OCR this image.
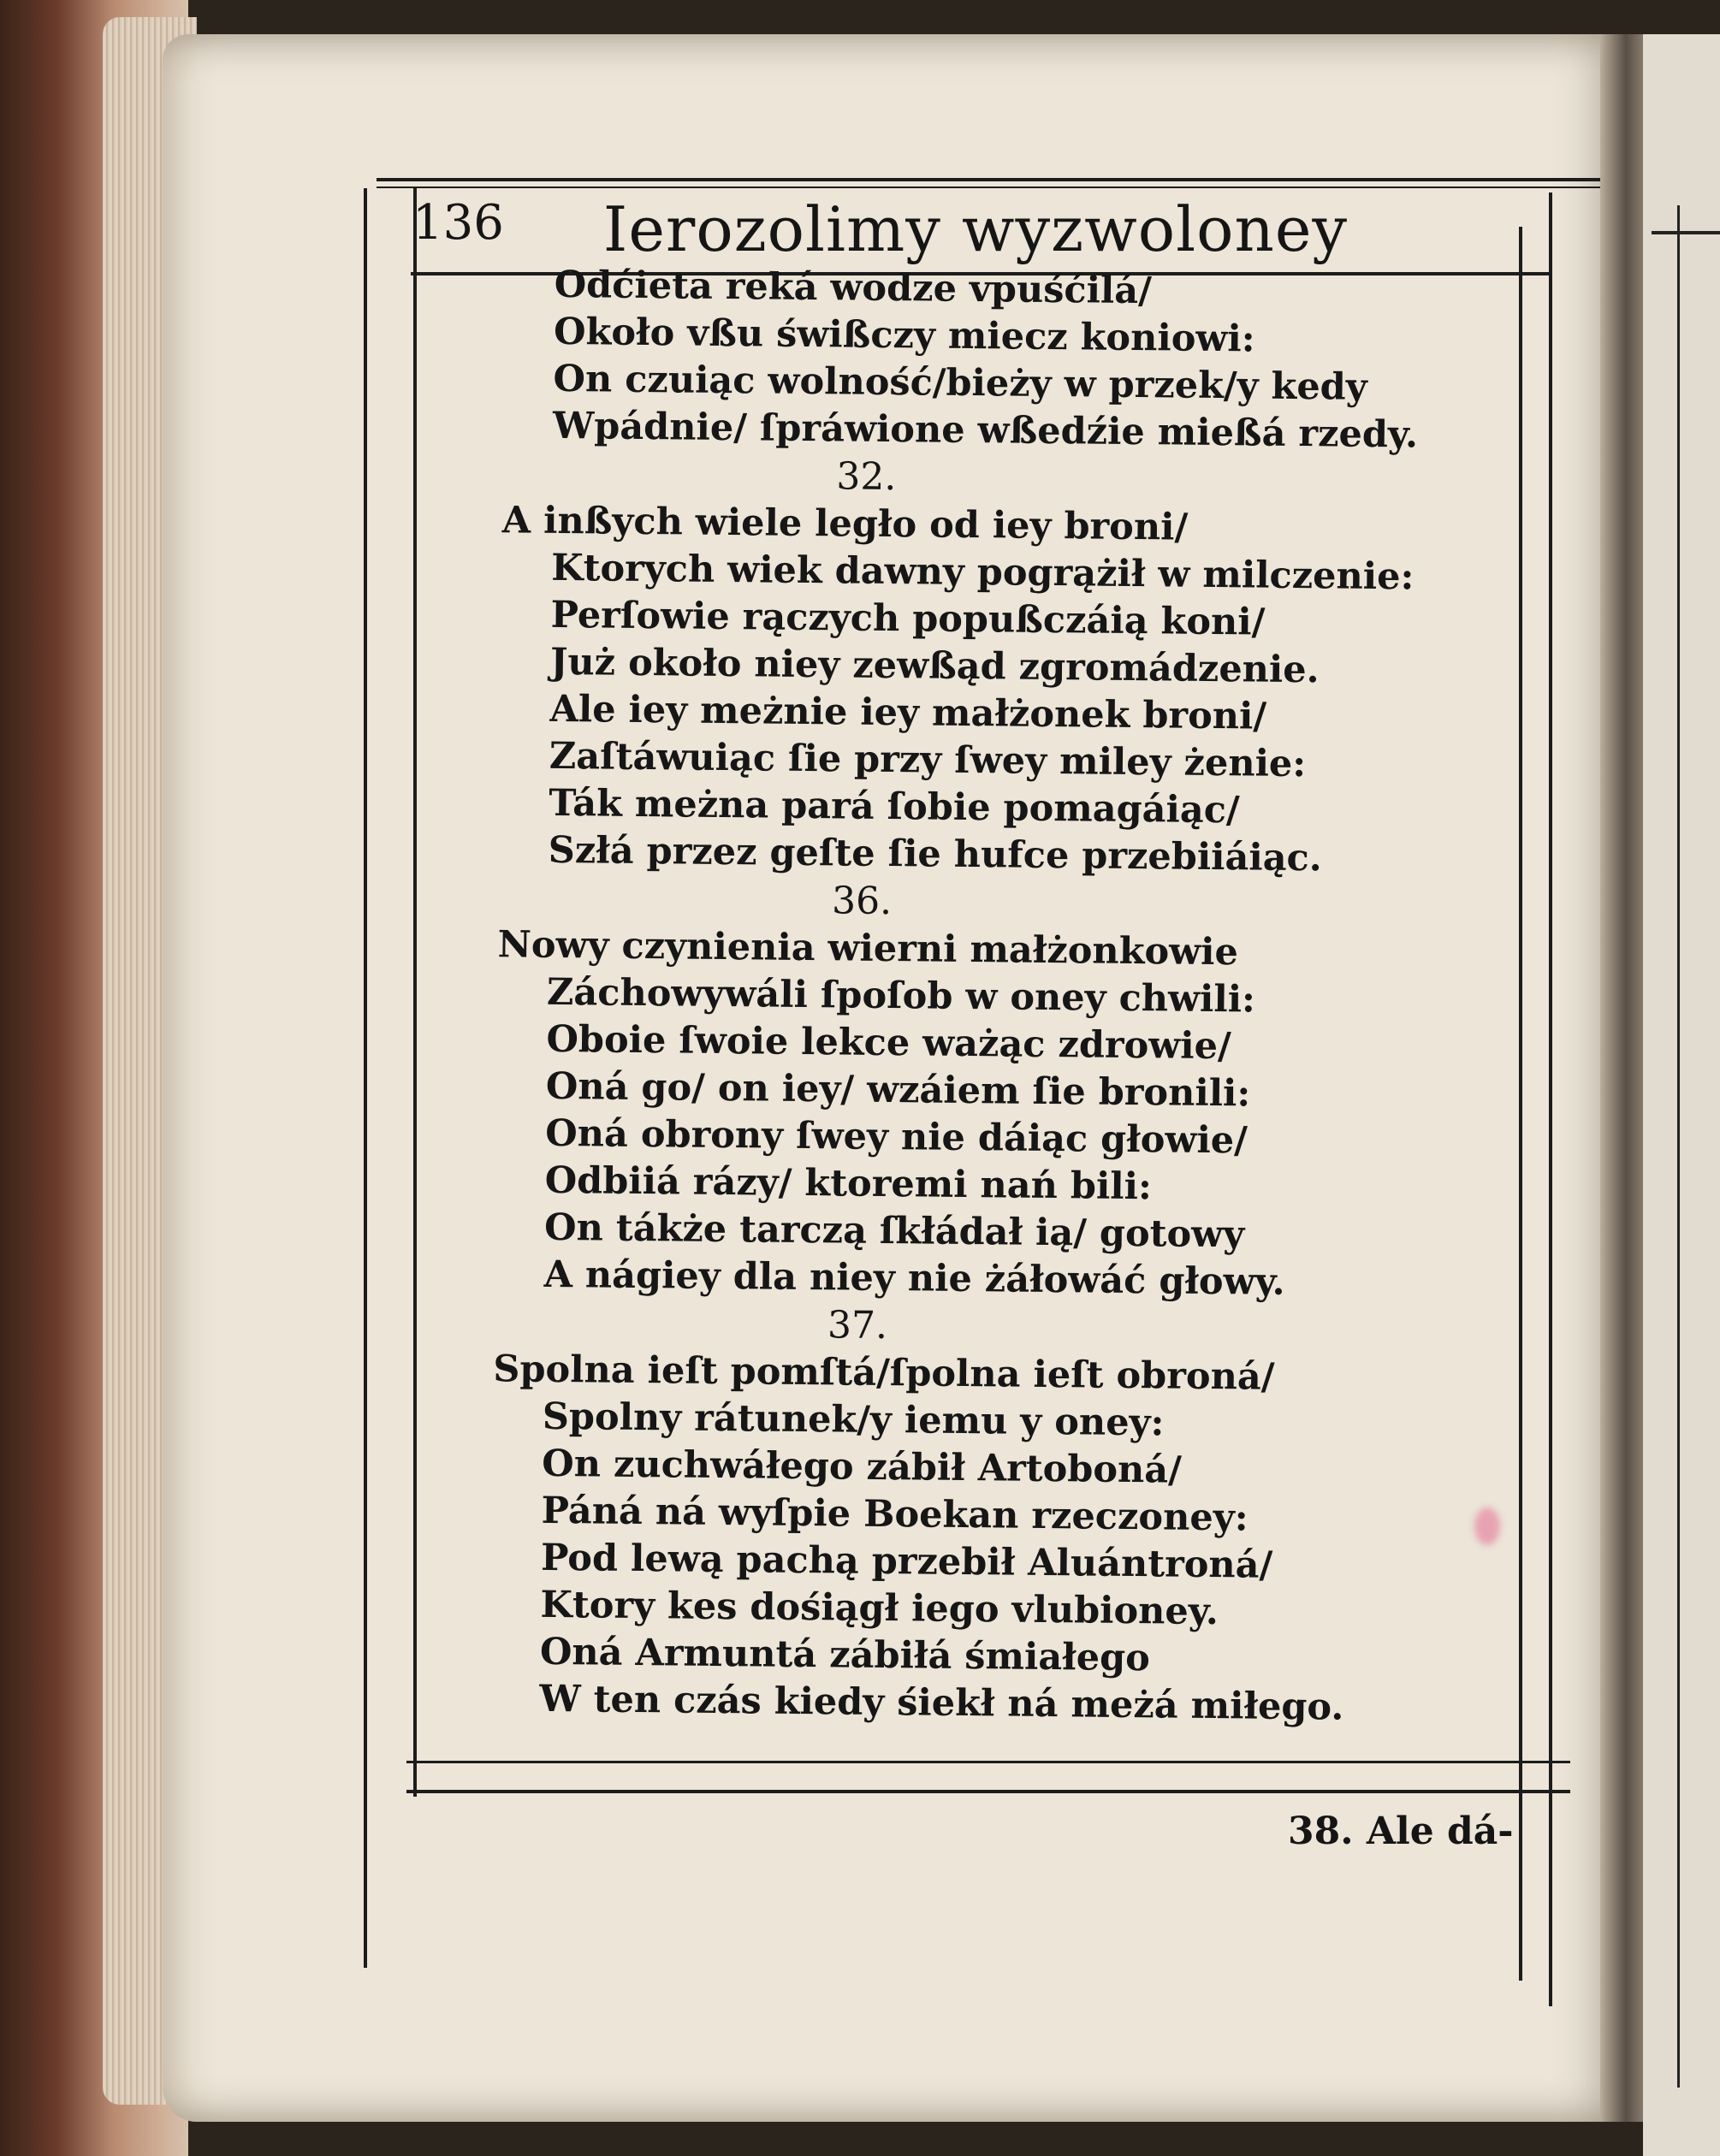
136	Ierozolimy wyzwoloney
Odćieta reká wodze vpuśćilá/
Około vßu świßczy miecz koniowi:
On czuiąc wolność/bieży w przek/y kedy
Wpádnie/ ſpráwione wßedźie mießá rzedy.
32.
A inßych wiele legło od iey broni/
Ktorych wiek dawny pogrążił w milczenie:
Perſowie rączych popußczáią koni/
Już około niey zewßąd zgromádzenie.
Ale iey meżnie iey małżonek broni/
Zaſtáwuiąc ſie przy ſwey miley żenie:
Ták meżna pará ſobie pomagáiąc/
Szłá przez geſte ſie hufce przebiiáiąc.
36.
Nowy czynienia wierni małżonkowie
Záchowywáli ſpoſob w oney chwili:
Oboie ſwoie lekce ważąc zdrowie/
Oná go/ on iey/ wzáiem ſie bronili:
Oná obrony ſwey nie dáiąc głowie/
Odbiiá rázy/ ktoremi nań bili:
On tákże tarczą ſkłádał ią/ gotowy
A nágiey dla niey nie żáłowáć głowy.
37.
Spolna ieſt pomſtá/ſpolna ieſt obroná/
Spolny rátunek/y iemu y oney:
On zuchwáłego zábił Artoboná/
Páná ná wyſpie Boekan rzeczoney:
Pod lewą pachą przebił Aluántroná/
Ktory kes dośiągł iego vlubioney.
Oná Armuntá zábiłá śmiałego
W ten czás kiedy śiekł ná meżá miłego.
38. Ale dá-
